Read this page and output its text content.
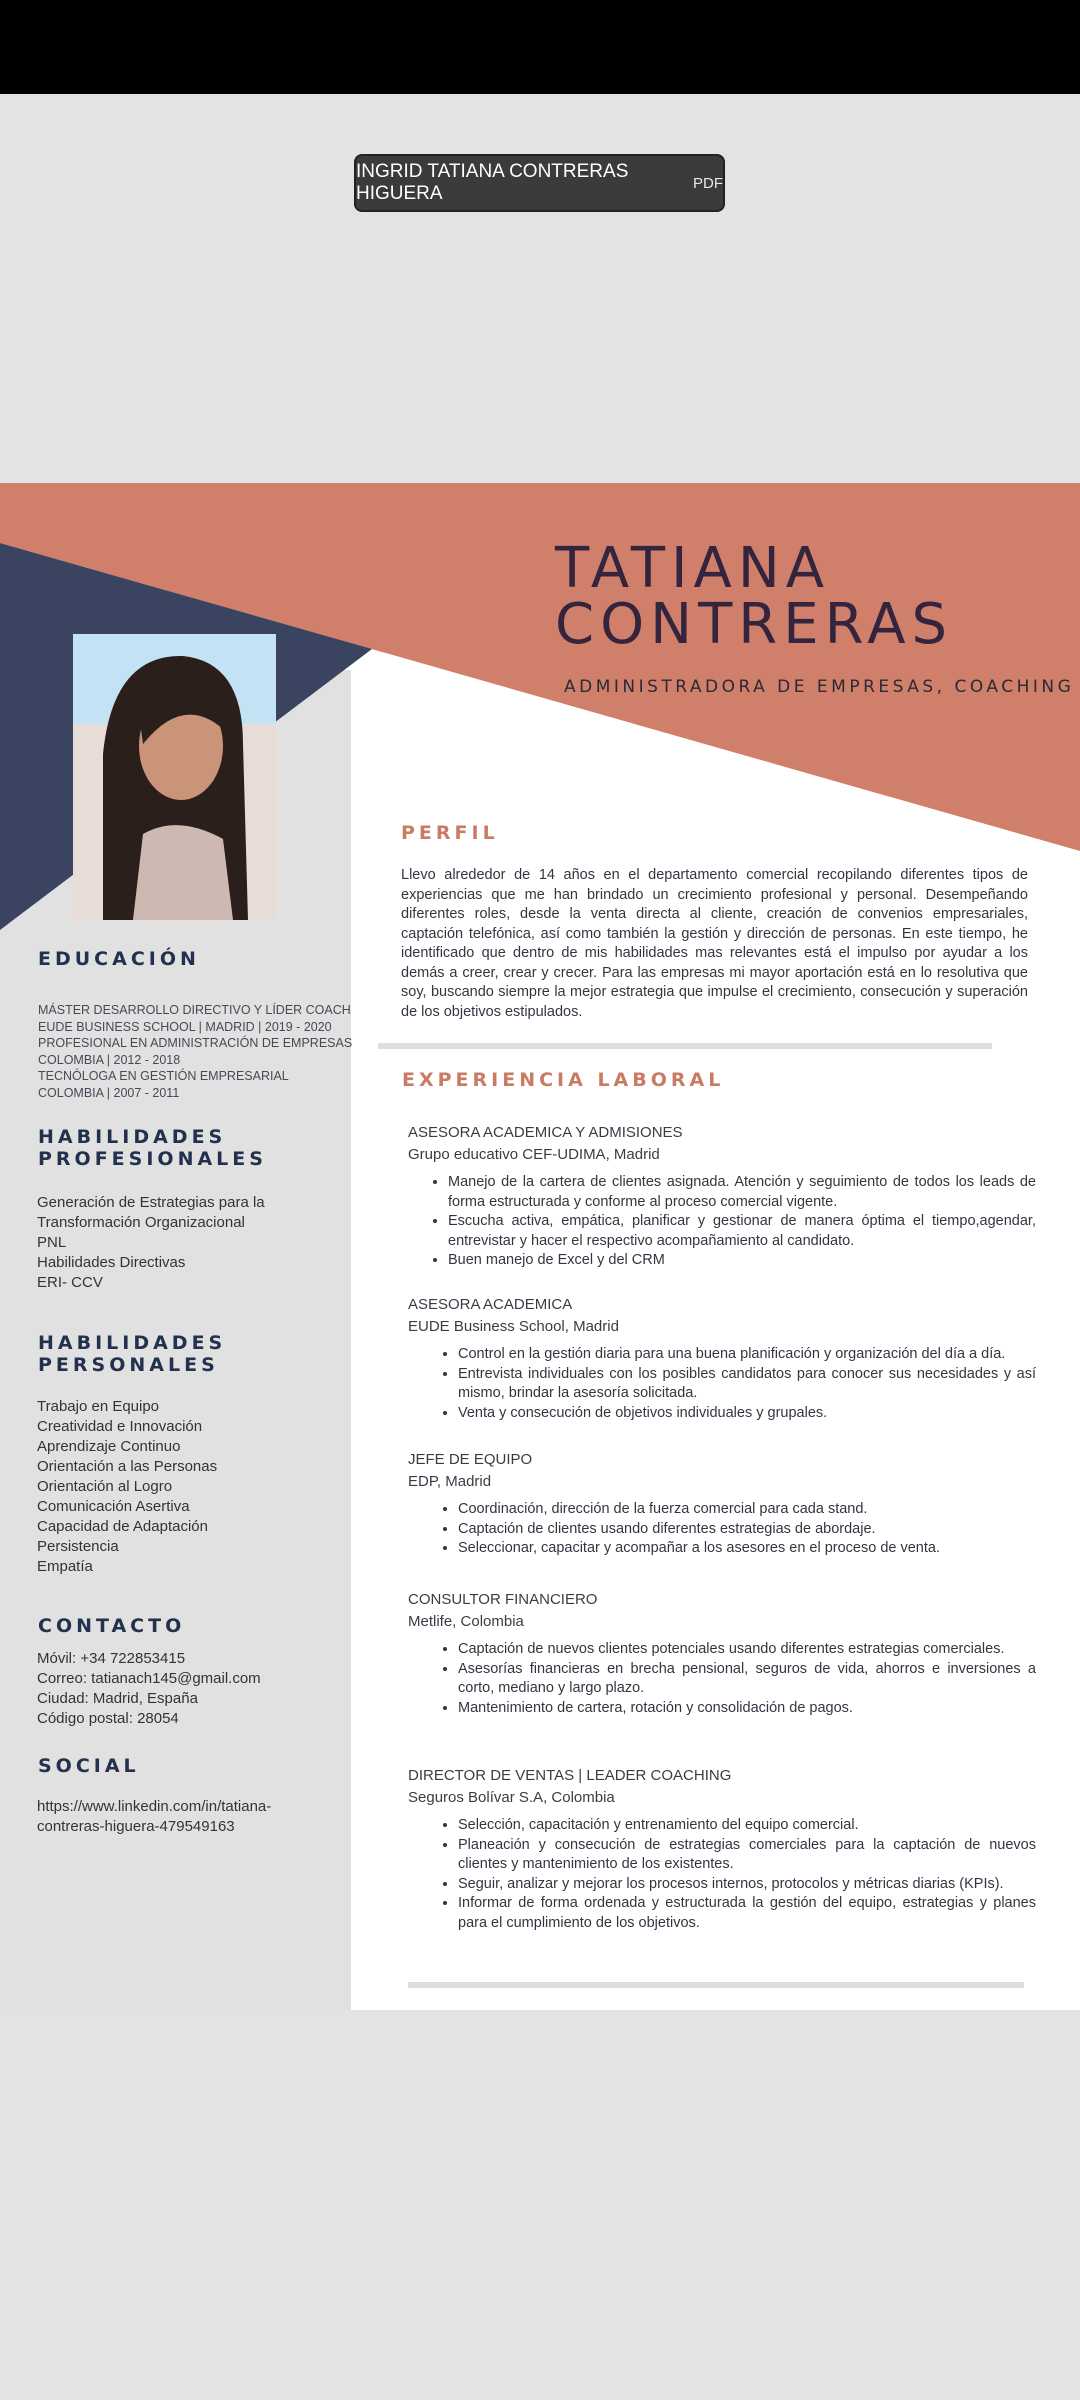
INGRID TATIANA CONTRERAS HIGUERA	PDF
TATIANA
CONTRERAS
ADMINISTRADORA DE EMPRESAS, COACHING
EDUCACIÓN
MÁSTER DESARROLLO DIRECTIVO Y LÍDER COACH
EUDE BUSINESS SCHOOL | MADRID | 2019 - 2020
PROFESIONAL EN ADMINISTRACIÓN DE EMPRESAS
COLOMBIA | 2012 - 2018
TECNÓLOGA EN GESTIÓN EMPRESARIAL
COLOMBIA | 2007 - 2011
HABILIDADES
PROFESIONALES
Generación de Estrategias para la
Transformación Organizacional
PNL
Habilidades Directivas
ERI- CCV
HABILIDADES
PERSONALES
Trabajo en Equipo
Creatividad e Innovación
Aprendizaje Continuo
Orientación a las Personas
Orientación al Logro
Comunicación Asertiva
Capacidad de Adaptación
Persistencia
Empatía
CONTACTO
Móvil: +34 722853415
Correo: tatianach145@gmail.com
Ciudad: Madrid, España
Código postal: 28054
SOCIAL
https://www.linkedin.com/in/tatiana-
contreras-higuera-479549163
PERFIL
Llevo alrededor de 14 años en el departamento comercial recopilando diferentes tipos de experiencias que me han brindado un crecimiento profesional y personal. Desempeñando diferentes roles, desde la venta directa al cliente, creación de convenios empresariales, captación telefónica, así como también la gestión y dirección de personas. En este tiempo, he identificado que dentro de mis habilidades mas relevantes está el impulso por ayudar a los demás a creer, crear y crecer. Para las empresas mi mayor aportación está en lo resolutiva que soy, buscando siempre la mejor estrategia que impulse el crecimiento, consecución y superación de los objetivos estipulados.
EXPERIENCIA LABORAL
ASESORA ACADEMICA Y ADMISIONES
Grupo educativo CEF-UDIMA, Madrid
• Manejo de la cartera de clientes asignada. Atención y seguimiento de todos los leads de forma estructurada y conforme al proceso comercial vigente.
• Escucha activa, empática, planificar y gestionar de manera óptima el tiempo,agendar, entrevistar y hacer el respectivo acompañamiento al candidato.
• Buen manejo de Excel y del CRM
ASESORA ACADEMICA
EUDE Business School, Madrid
• Control en la gestión diaria para una buena planificación y organización del día a día.
• Entrevista individuales con los posibles candidatos para conocer sus necesidades y así mismo, brindar la asesoría solicitada.
• Venta y consecución de objetivos individuales y grupales.
JEFE DE EQUIPO
EDP, Madrid
• Coordinación, dirección de la fuerza comercial para cada stand.
• Captación de clientes usando diferentes estrategias de abordaje.
• Seleccionar, capacitar y acompañar a los asesores en el proceso de venta.
CONSULTOR FINANCIERO
Metlife, Colombia
• Captación de nuevos clientes potenciales usando diferentes estrategias comerciales.
• Asesorías financieras en brecha pensional, seguros de vida, ahorros e inversiones a corto, mediano y largo plazo.
• Mantenimiento de cartera, rotación y consolidación de pagos.
DIRECTOR DE VENTAS | LEADER COACHING
Seguros Bolívar S.A, Colombia
• Selección, capacitación y entrenamiento del equipo comercial.
• Planeación y consecución de estrategias comerciales para la captación de nuevos clientes y mantenimiento de los existentes.
• Seguir, analizar y mejorar los procesos internos, protocolos y métricas diarias (KPIs).
• Informar de forma ordenada y estructurada la gestión del equipo, estrategias y planes para el cumplimiento de los objetivos.
